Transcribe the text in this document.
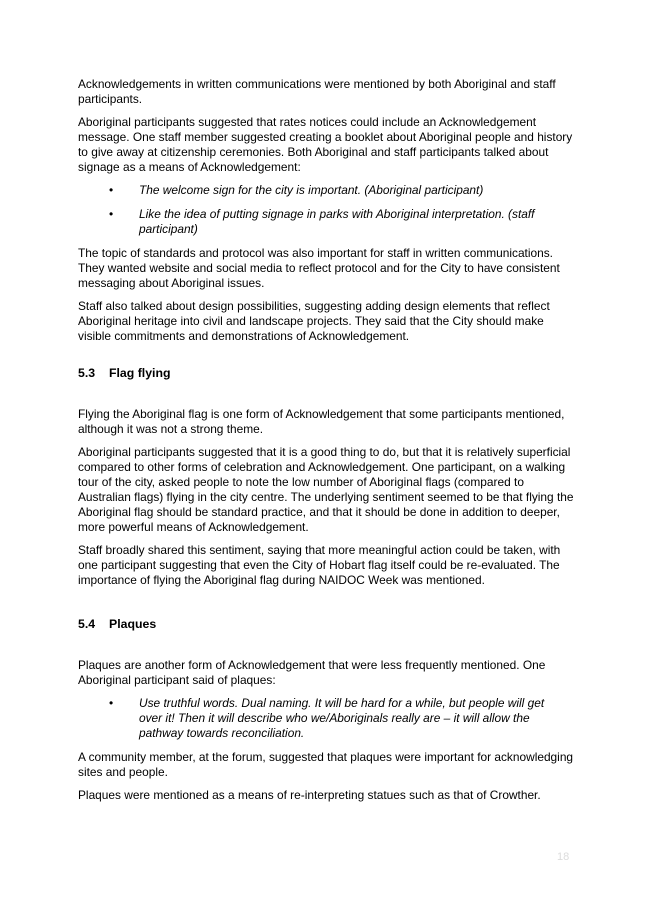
Acknowledgements in written communications were mentioned by both Aboriginal and staff participants.

Aboriginal participants suggested that rates notices could include an Acknowledgement message. One staff member suggested creating a booklet about Aboriginal people and history to give away at citizenship ceremonies. Both Aboriginal and staff participants talked about signage as a means of Acknowledgement:

• The welcome sign for the city is important. (Aboriginal participant)
• Like the idea of putting signage in parks with Aboriginal interpretation. (staff participant)

The topic of standards and protocol was also important for staff in written communications. They wanted website and social media to reflect protocol and for the City to have consistent messaging about Aboriginal issues.

Staff also talked about design possibilities, suggesting adding design elements that reflect Aboriginal heritage into civil and landscape projects. They said that the City should make visible commitments and demonstrations of Acknowledgement.

5.3 Flag flying

Flying the Aboriginal flag is one form of Acknowledgement that some participants mentioned, although it was not a strong theme.

Aboriginal participants suggested that it is a good thing to do, but that it is relatively superficial compared to other forms of celebration and Acknowledgement. One participant, on a walking tour of the city, asked people to note the low number of Aboriginal flags (compared to Australian flags) flying in the city centre. The underlying sentiment seemed to be that flying the Aboriginal flag should be standard practice, and that it should be done in addition to deeper, more powerful means of Acknowledgement.

Staff broadly shared this sentiment, saying that more meaningful action could be taken, with one participant suggesting that even the City of Hobart flag itself could be re-evaluated. The importance of flying the Aboriginal flag during NAIDOC Week was mentioned.

5.4 Plaques

Plaques are another form of Acknowledgement that were less frequently mentioned. One Aboriginal participant said of plaques:

• Use truthful words. Dual naming. It will be hard for a while, but people will get over it! Then it will describe who we/Aboriginals really are – it will allow the pathway towards reconciliation.

A community member, at the forum, suggested that plaques were important for acknowledging sites and people.

Plaques were mentioned as a means of re-interpreting statues such as that of Crowther.

18
